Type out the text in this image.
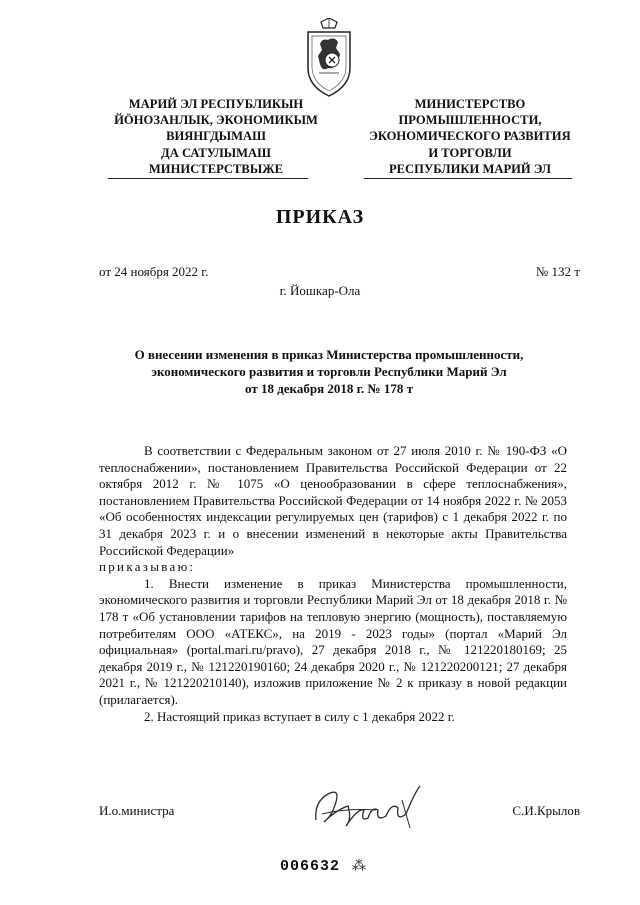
МАРИЙ ЭЛ РЕСПУБЛИКЫН
ЙÖНОЗАНЛЫК, ЭКОНОМИКЫМ
ВИЯНГДЫМАШ
ДА САТУЛЫМАШ
МИНИСТЕРСТВЫЖЕ
МИНИСТЕРСТВО
ПРОМЫШЛЕННОСТИ,
ЭКОНОМИЧЕСКОГО РАЗВИТИЯ
И ТОРГОВЛИ
РЕСПУБЛИКИ МАРИЙ ЭЛ
ПРИКАЗ
от 24 ноября 2022 г.	№ 132 т
г. Йошкар-Ола
О внесении изменения в приказ Министерства промышленности,
экономического развития и торговли Республики Марий Эл
от 18 декабря 2018 г. № 178 т

В соответствии с Федеральным законом от 27 июля 2010 г. № 190-ФЗ «О теплоснабжении», постановлением Правительства Российской Федерации от 22 октября 2012 г. № 1075 «О ценообразовании в сфере теплоснабжения», постановлением Правительства Российской Федерации от 14 ноября 2022 г. № 2053 «Об особенностях индексации регулируемых цен (тарифов) с 1 декабря 2022 г. по 31 декабря 2023 г. и о внесении изменений в некоторые акты Правительства Российской Федерации»

приказываю:

1. Внести изменение в приказ Министерства промышленности, экономического развития и торговли Республики Марий Эл от 18 декабря 2018 г. № 178 т «Об установлении тарифов на тепловую энергию (мощность), поставляемую потребителям ООО «АТЕКС», на 2019 - 2023 годы» (портал «Марий Эл официальная» (portal.mari.ru/pravo), 27 декабря 2018 г., № 121220180169; 25 декабря 2019 г., № 121220190160; 24 декабря 2020 г., № 121220200121; 27 декабря 2021 г., № 121220210140), изложив приложение № 2 к приказу в новой редакции (прилагается).

2. Настоящий приказ вступает в силу с 1 декабря 2022 г.

И.о.министра	С.И.Крылов
006632 ⁂
